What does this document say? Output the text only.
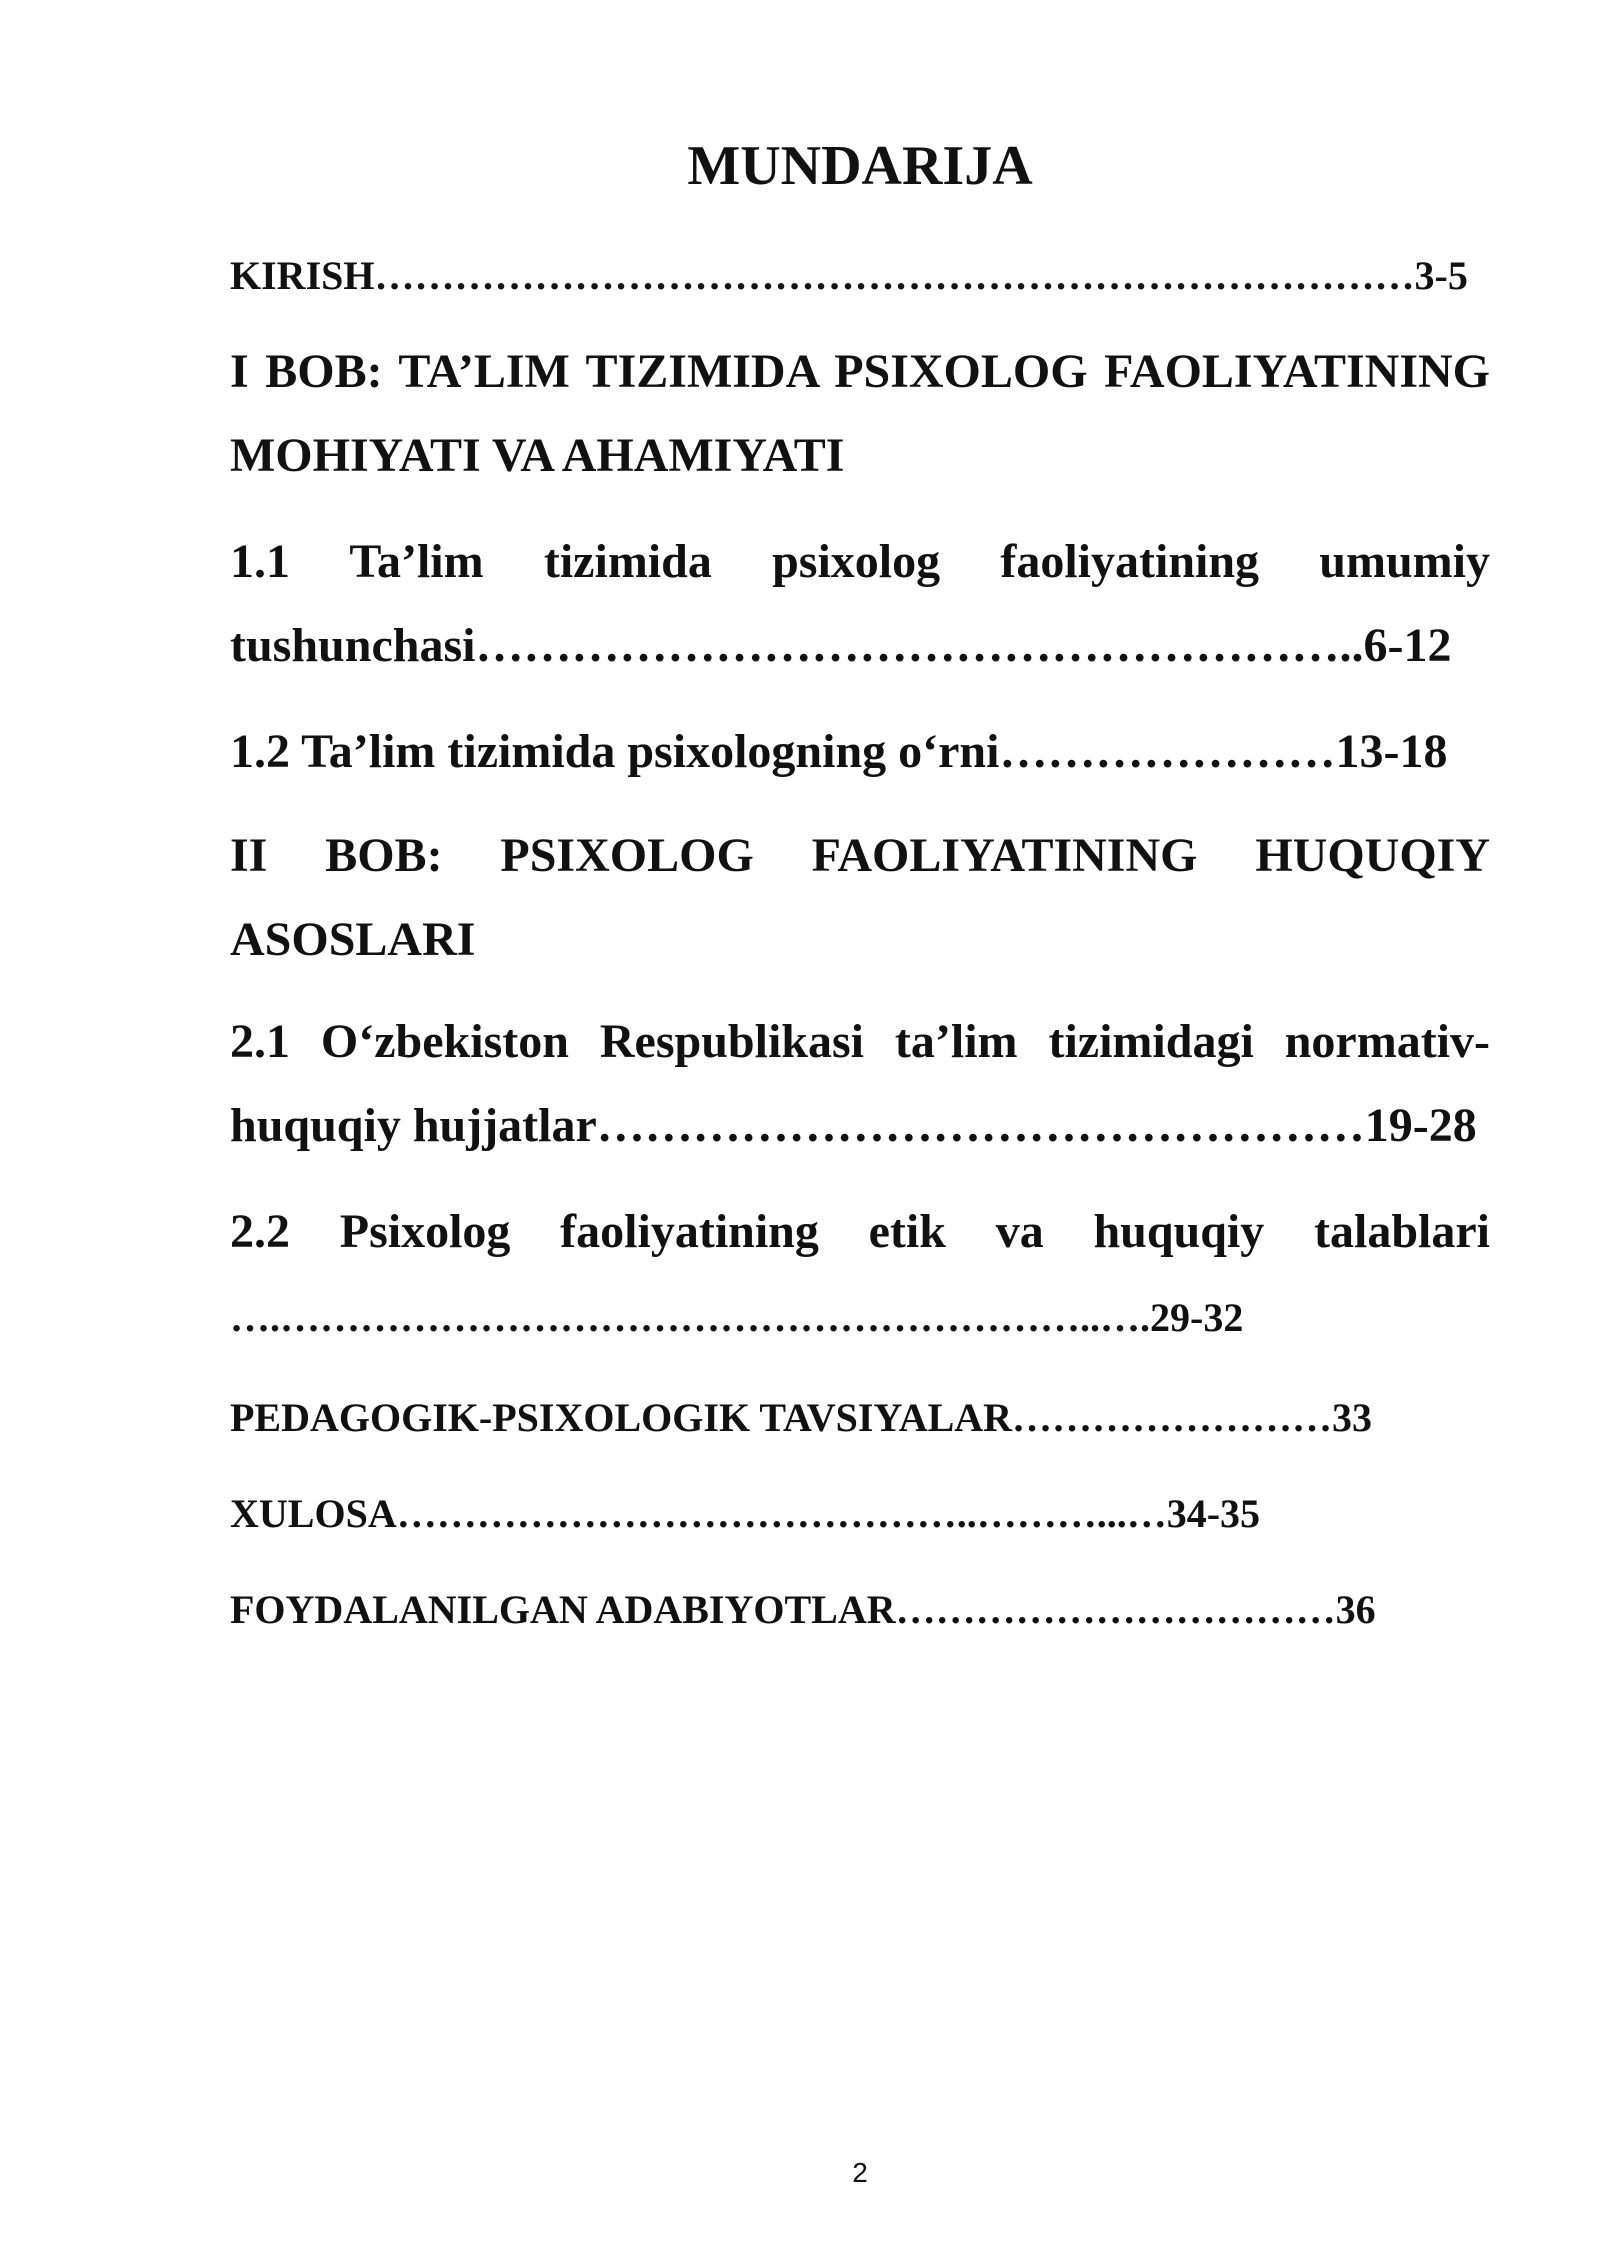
MUNDARIJA

KIRISH……………………………………………………………………3-5

I BOB: TA’LIM TIZIMIDA PSIXOLOG FAOLIYATINING MOHIYATI VA AHAMIYATI

1.1 Ta’lim tizimida psixolog faoliyatining umumiy

tushunchasi………………………………………………..6-12

1.2 Ta’lim tizimida psixologning o‘rni…………………13-18

II BOB: PSIXOLOG FAOLIYATINING HUQUQIY ASOSLARI

2.1 O‘zbekiston Respublikasi ta’lim tizimidagi normativ-

huquqiy hujjatlar…………………………………………19-28

2.2 Psixolog faoliyatining etik va huquqiy talablari

….……………………………………………………..….29-32

PEDAGOGIK-PSIXOLOGIK TAVSIYALAR……………………33

XULOSA……………………………………..………...…34-35

FOYDALANILGAN ADABIYOTLAR……………………………36

2
